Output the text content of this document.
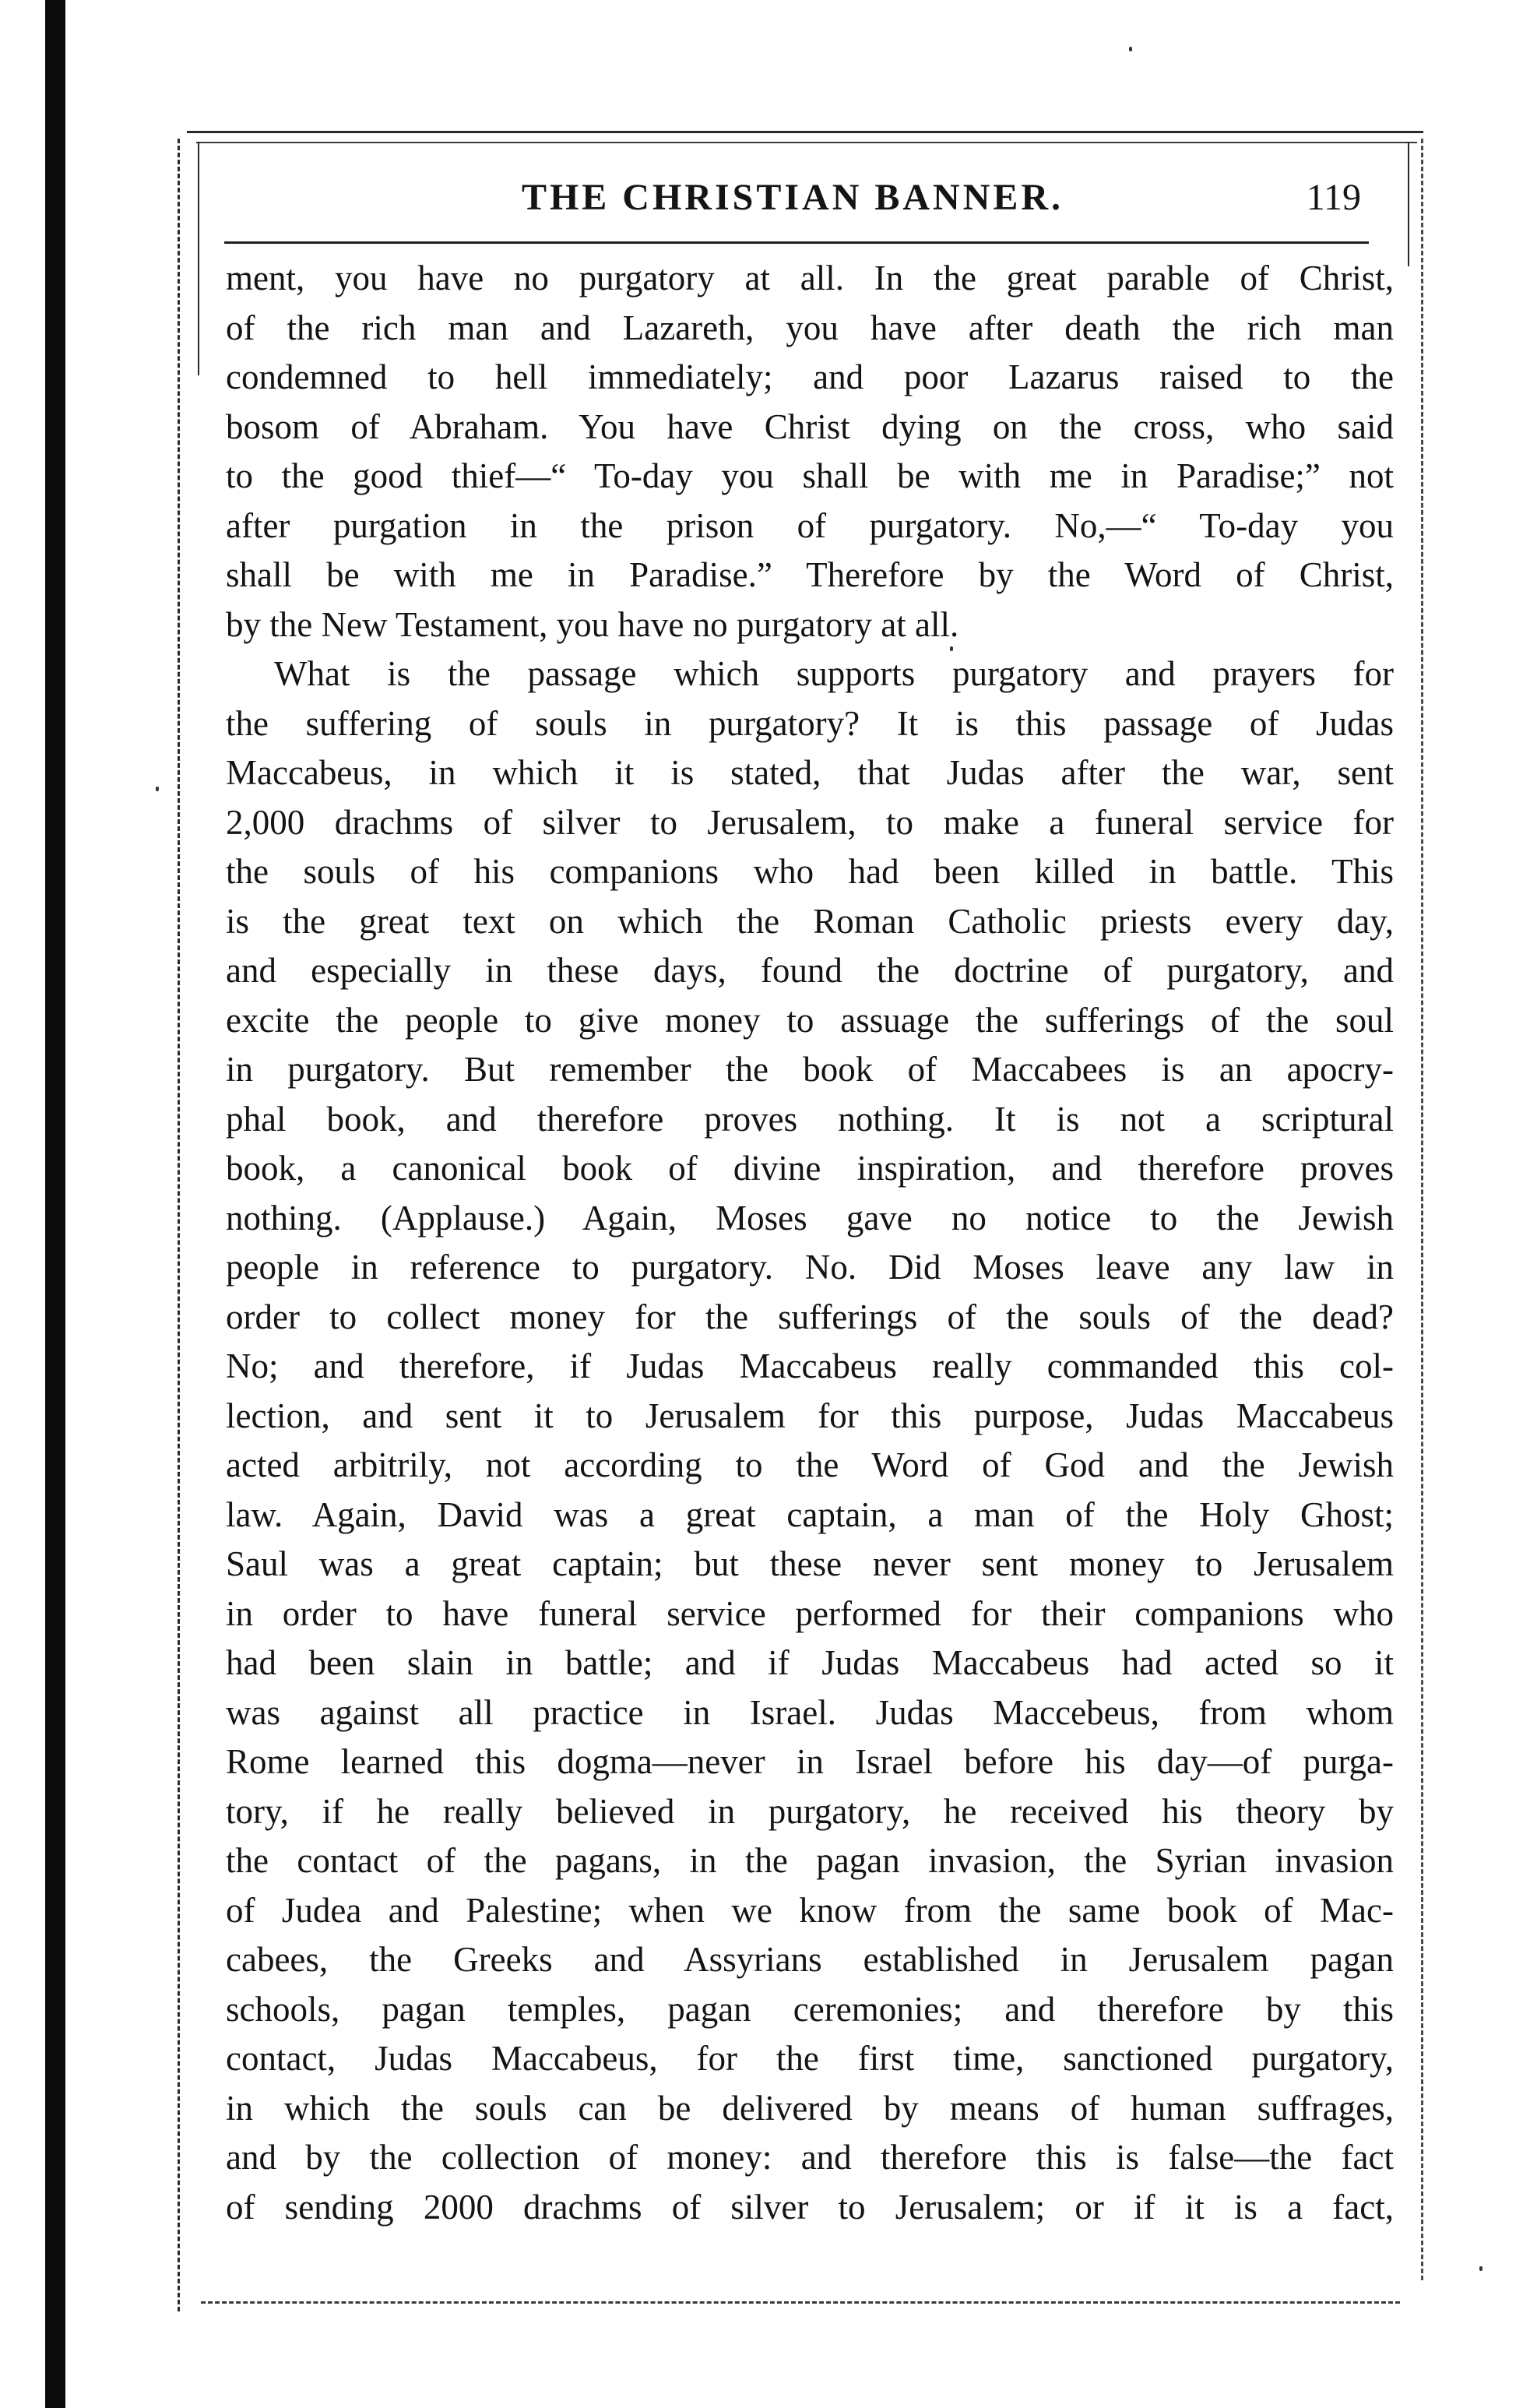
THE CHRISTIAN BANNER.	119
ment, you have no purgatory at all. In the great parable of Christ,
of the rich man and Lazareth, you have after death the rich man
condemned to hell immediately; and poor Lazarus raised to the
bosom of Abraham. You have Christ dying on the cross, who said
to the good thief—“ To-day you shall be with me in Paradise;” not
after purgation in the prison of purgatory. No,—“ To-day you
shall be with me in Paradise.” Therefore by the Word of Christ,
by the New Testament, you have no purgatory at all.
What is the passage which supports purgatory and prayers for
the suffering of souls in purgatory? It is this passage of Judas
Maccabeus, in which it is stated, that Judas after the war, sent
2,000 drachms of silver to Jerusalem, to make a funeral service for
the souls of his companions who had been killed in battle. This
is the great text on which the Roman Catholic priests every day,
and especially in these days, found the doctrine of purgatory, and
excite the people to give money to assuage the sufferings of the soul
in purgatory. But remember the book of Maccabees is an apocry-
phal book, and therefore proves nothing. It is not a scriptural
book, a canonical book of divine inspiration, and therefore proves
nothing. (Applause.) Again, Moses gave no notice to the Jewish
people in reference to purgatory. No. Did Moses leave any law in
order to collect money for the sufferings of the souls of the dead?
No; and therefore, if Judas Maccabeus really commanded this col-
lection, and sent it to Jerusalem for this purpose, Judas Maccabeus
acted arbitrily, not according to the Word of God and the Jewish
law. Again, David was a great captain, a man of the Holy Ghost;
Saul was a great captain; but these never sent money to Jerusalem
in order to have funeral service performed for their companions who
had been slain in battle; and if Judas Maccabeus had acted so it
was against all practice in Israel. Judas Maccebeus, from whom
Rome learned this dogma—never in Israel before his day—of purga-
tory, if he really believed in purgatory, he received his theory by
the contact of the pagans, in the pagan invasion, the Syrian invasion
of Judea and Palestine; when we know from the same book of Mac-
cabees, the Greeks and Assyrians established in Jerusalem pagan
schools, pagan temples, pagan ceremonies; and therefore by this
contact, Judas Maccabeus, for the first time, sanctioned purgatory,
in which the souls can be delivered by means of human suffrages,
and by the collection of money: and therefore this is false—the fact
of sending 2000 drachms of silver to Jerusalem; or if it is a fact,
